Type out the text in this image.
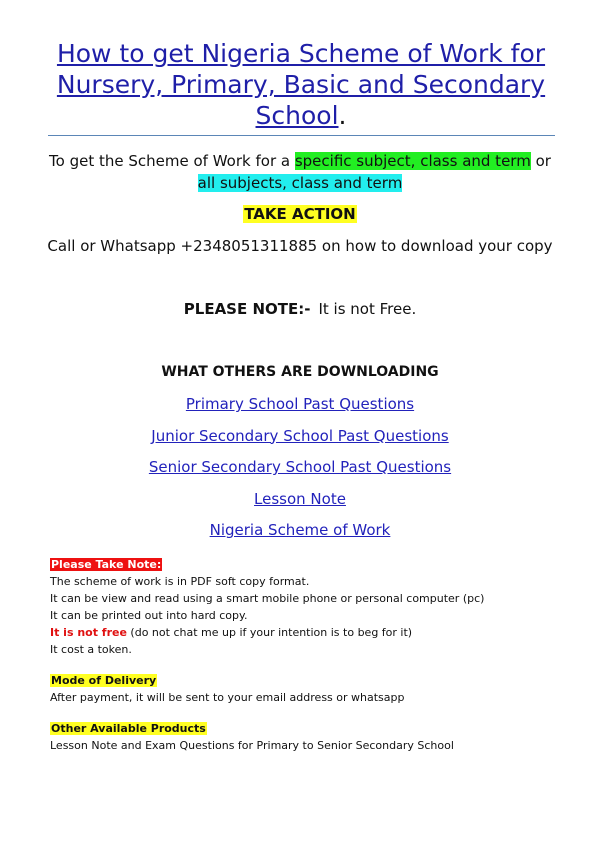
How to get Nigeria Scheme of Work for Nursery, Primary, Basic and Secondary School.
To get the Scheme of Work for a specific subject, class and term or
all subjects, class and term
TAKE ACTION
Call or Whatsapp +2348051311885 on how to download your copy
PLEASE NOTE:- It is not Free.
WHAT OTHERS ARE DOWNLOADING
Primary School Past Questions
Junior Secondary School Past Questions
Senior Secondary School Past Questions
Lesson Note
Nigeria Scheme of Work
Please Take Note:
The scheme of work is in PDF soft copy format.
It can be view and read using a smart mobile phone or personal computer (pc)
It can be printed out into hard copy.
It is not free (do not chat me up if your intention is to beg for it)
It cost a token.
Mode of Delivery
After payment, it will be sent to your email address or whatsapp
Other Available Products
Lesson Note and Exam Questions for Primary to Senior Secondary School
